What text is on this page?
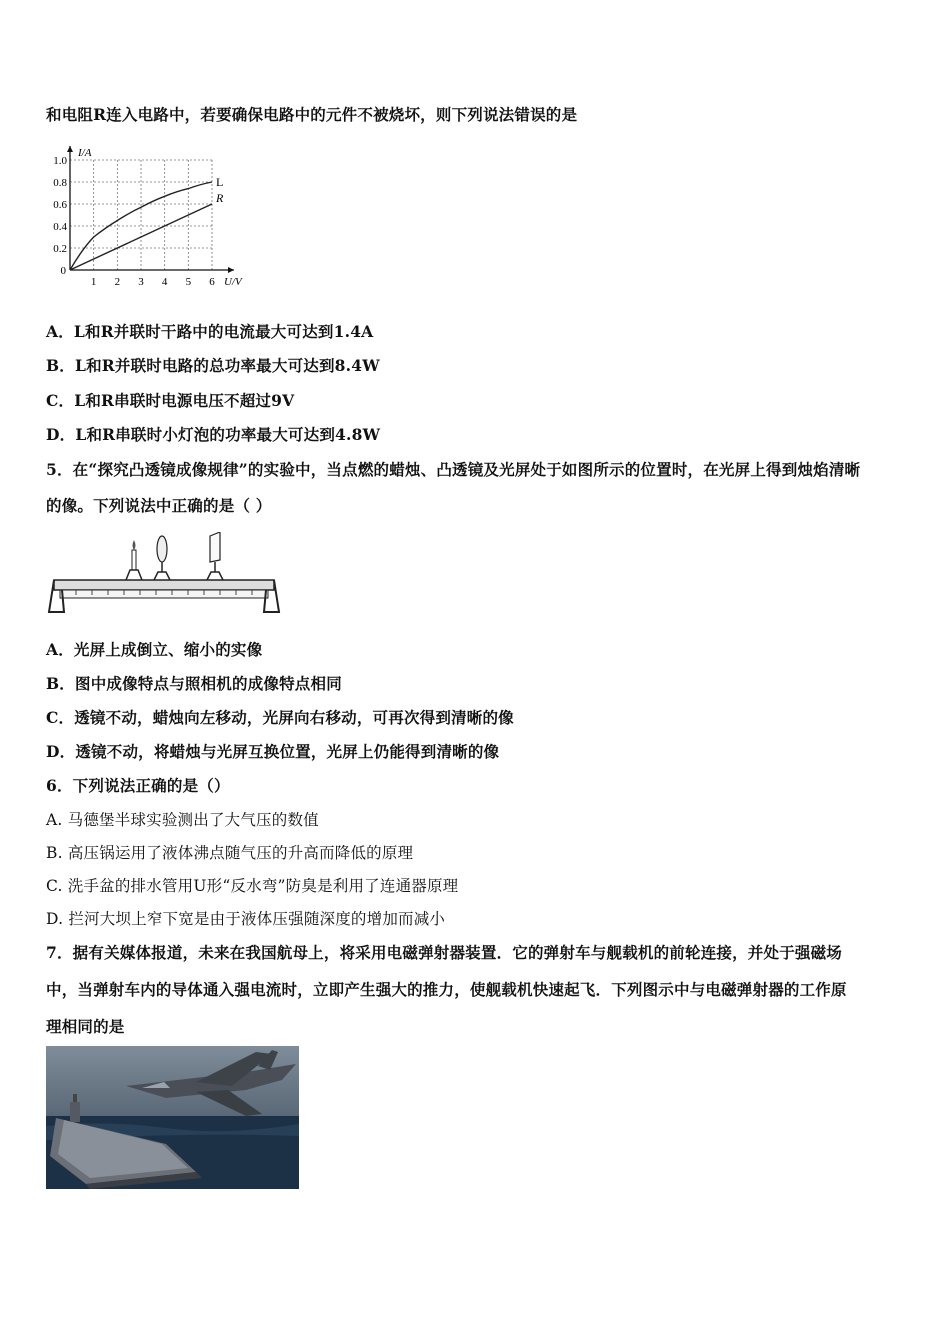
和电阻R连入电路中，若要确保电路中的元件不被烧坏，则下列说法错误的是
1 2 3 4 5 6
0.2
0.4
0.6
0.8
1.0
0
U/V
I/A
L
R
A．L和R并联时干路中的电流最大可达到1.4A
B．L和R并联时电路的总功率最大可达到8.4W
C．L和R串联时电源电压不超过9V
D．L和R串联时小灯泡的功率最大可达到4.8W
5．在“探究凸透镜成像规律”的实验中，当点燃的蜡烛、凸透镜及光屏处于如图所示的位置时，在光屏上得到烛焰清晰
的像。下列说法中正确的是（ ）
A．光屏上成倒立、缩小的实像
B．图中成像特点与照相机的成像特点相同
C．透镜不动，蜡烛向左移动，光屏向右移动，可再次得到清晰的像
D．透镜不动，将蜡烛与光屏互换位置，光屏上仍能得到清晰的像
6．下列说法正确的是（）
A. 马德堡半球实验测出了大气压的数值
B. 高压锅运用了液体沸点随气压的升高而降低的原理
C. 洗手盆的排水管用U形“反水弯”防臭是利用了连通器原理
D. 拦河大坝上窄下宽是由于液体压强随深度的增加而减小
7．据有关媒体报道，未来在我国航母上，将采用电磁弹射器装置．它的弹射车与舰载机的前轮连接，并处于强磁场
中，当弹射车内的导体通入强电流时，立即产生强大的推力，使舰载机快速起飞．下列图示中与电磁弹射器的工作原
理相同的是
